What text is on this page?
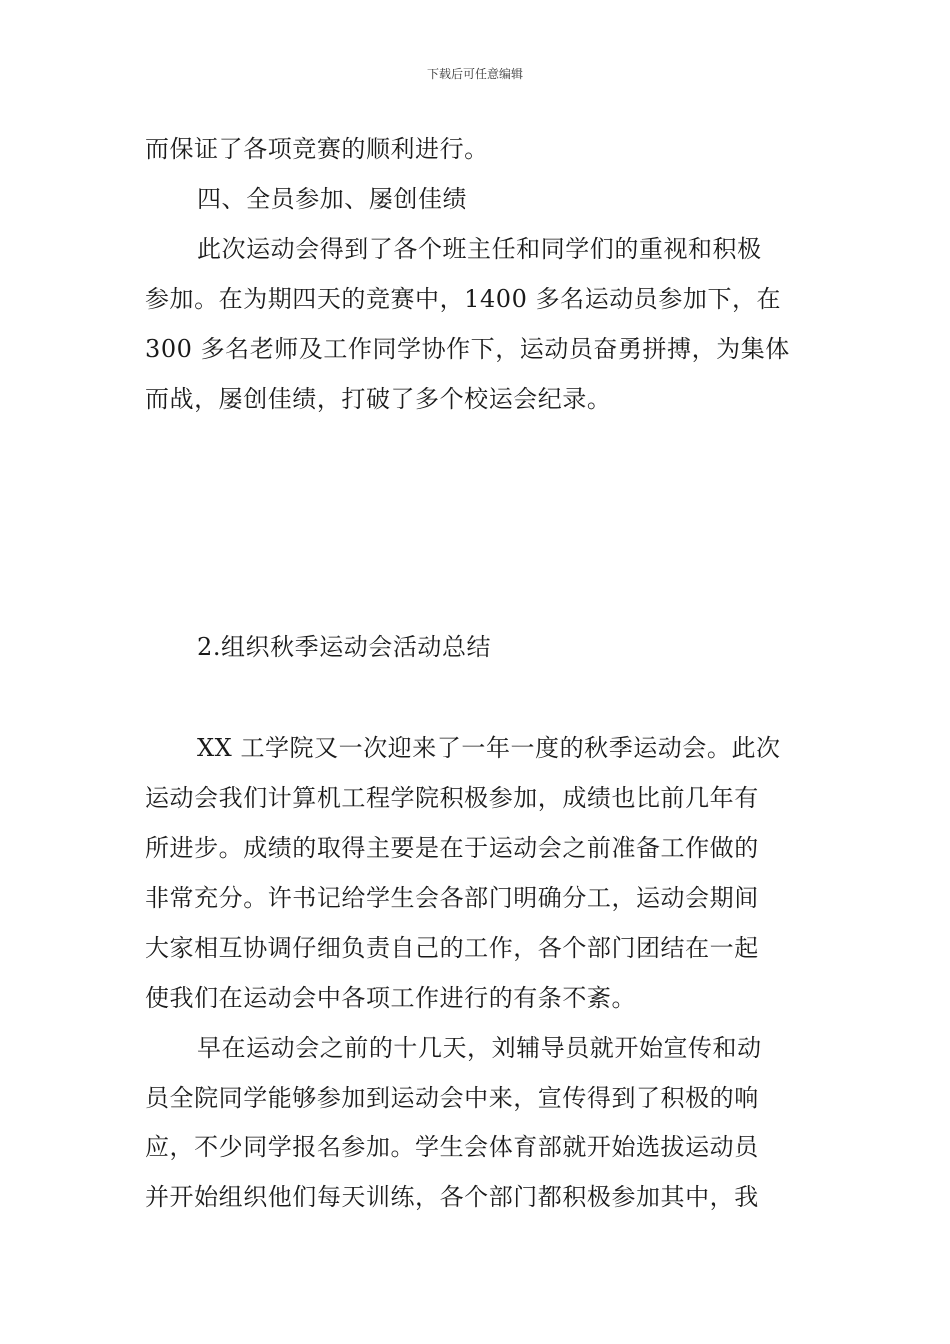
下载后可任意编辑
而保证了各项竞赛的顺利进行。
四、全员参加、屡创佳绩
此次运动会得到了各个班主任和同学们的重视和积极
参加。在为期四天的竞赛中，1400 多名运动员参加下，在
300 多名老师及工作同学协作下，运动员奋勇拼搏，为集体
而战，屡创佳绩，打破了多个校运会纪录。
2.组织秋季运动会活动总结
XX 工学院又一次迎来了一年一度的秋季运动会。此次
运动会我们计算机工程学院积极参加，成绩也比前几年有
所进步。成绩的取得主要是在于运动会之前准备工作做的
非常充分。许书记给学生会各部门明确分工，运动会期间
大家相互协调仔细负责自己的工作，各个部门团结在一起
使我们在运动会中各项工作进行的有条不紊。
早在运动会之前的十几天，刘辅导员就开始宣传和动
员全院同学能够参加到运动会中来，宣传得到了积极的响
应，不少同学报名参加。学生会体育部就开始选拔运动员
并开始组织他们每天训练，各个部门都积极参加其中，我
